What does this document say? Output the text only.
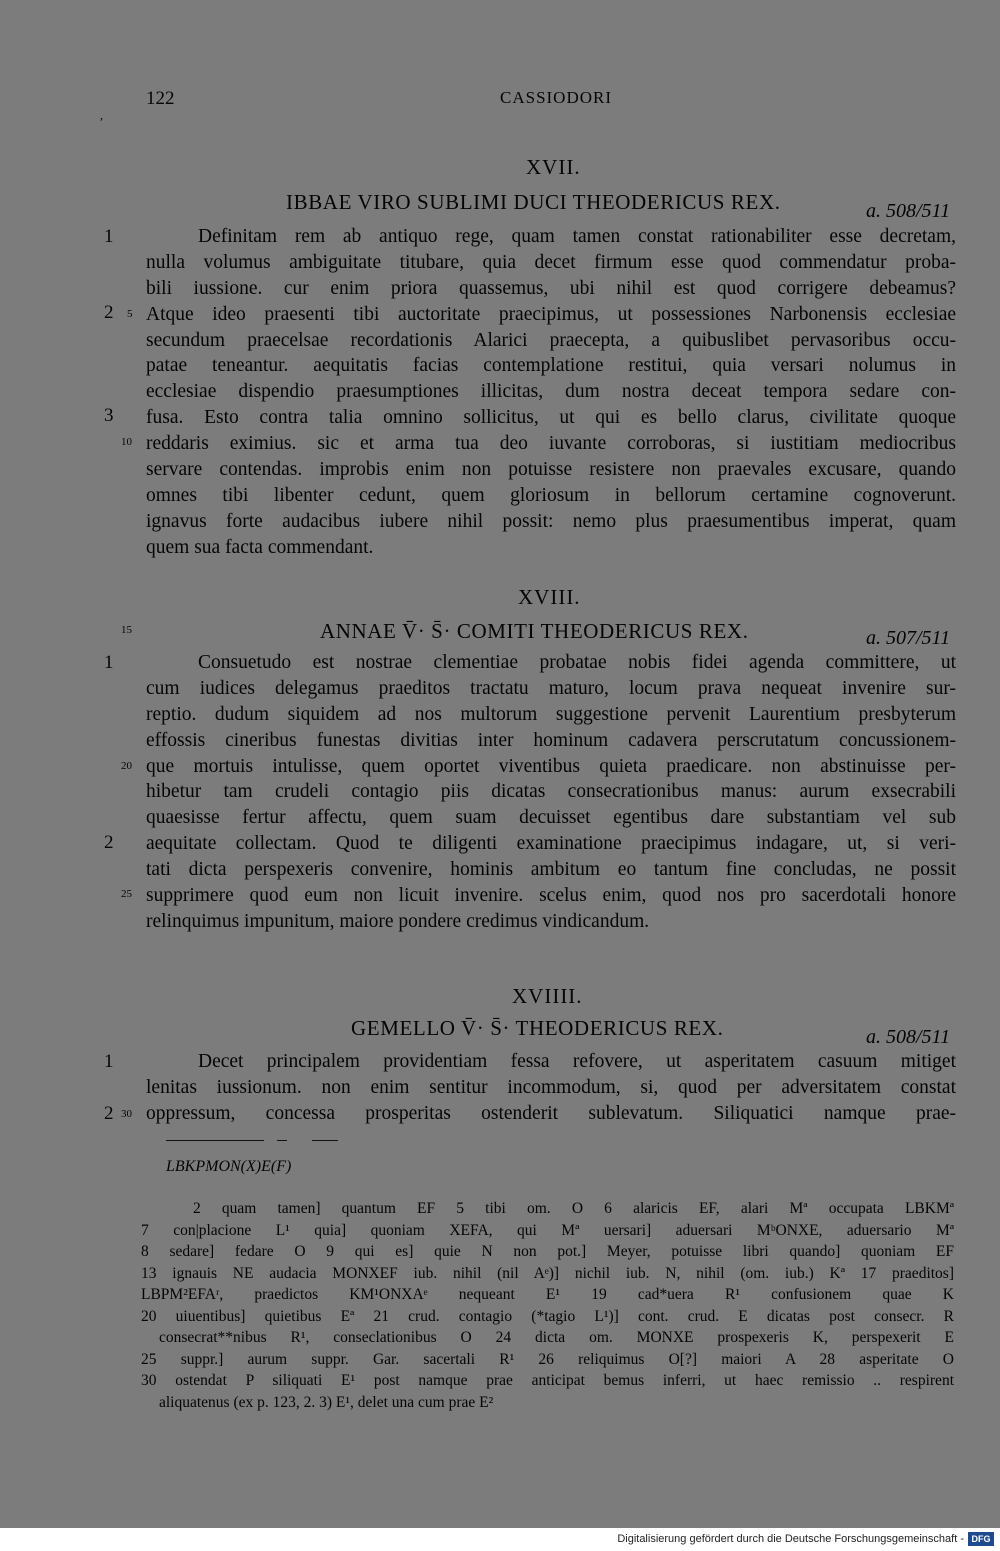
122	CASSIODORI
,
XVII.
IBBAE VIRO SUBLIMI DUCI THEODERICUS REX.	a. 508/511
Definitam rem ab antiquo rege, quam tamen constat rationabiliter esse decretam,
nulla volumus ambiguitate titubare, quia decet firmum esse quod commendatur proba-
bili iussione. cur enim priora quassemus, ubi nihil est quod corrigere debeamus?
Atque ideo praesenti tibi auctoritate praecipimus, ut possessiones Narbonensis ecclesiae
secundum praecelsae recordationis Alarici praecepta, a quibuslibet pervasoribus occu-
patae teneantur. aequitatis facias contemplatione restitui, quia versari nolumus in
ecclesiae dispendio praesumptiones illicitas, dum nostra deceat tempora sedare con-
fusa. Esto contra talia omnino sollicitus, ut qui es bello clarus, civilitate quoque
reddaris eximius. sic et arma tua deo iuvante corroboras, si iustitiam mediocribus
servare contendas. improbis enim non potuisse resistere non praevales excusare, quando
omnes tibi libenter cedunt, quem gloriosum in bellorum certamine cognoverunt.
ignavus forte audacibus iubere nihil possit: nemo plus praesumentibus imperat, quam
quem sua facta commendant.
XVIII.
ANNAE V̄· S̄· COMITI THEODERICUS REX.	a. 507/511
Consuetudo est nostrae clementiae probatae nobis fidei agenda committere, ut
cum iudices delegamus praeditos tractatu maturo, locum prava nequeat invenire sur-
reptio. dudum siquidem ad nos multorum suggestione pervenit Laurentium presbyterum
effossis cineribus funestas divitias inter hominum cadavera perscrutatum concussionem-
que mortuis intulisse, quem oportet viventibus quieta praedicare. non abstinuisse per-
hibetur tam crudeli contagio piis dicatas consecrationibus manus: aurum exsecrabili
quaesisse fertur affectu, quem suam decuisset egentibus dare substantiam vel sub
aequitate collectam. Quod te diligenti examinatione praecipimus indagare, ut, si veri-
tati dicta perspexeris convenire, hominis ambitum eo tantum fine concludas, ne possit
supprimere quod eum non licuit invenire. scelus enim, quod nos pro sacerdotali honore
relinquimus impunitum, maiore pondere credimus vindicandum.
XVIIII.
GEMELLO V̄· S̄· THEODERICUS REX.	a. 508/511
Decet principalem providentiam fessa refovere, ut asperitatem casuum mitiget
lenitas iussionum. non enim sentitur incommodum, si, quod per adversitatem constat
oppressum, concessa prosperitas ostenderit sublevatum. Siliquatici namque prae-
1
2
3
1
2
1
2
5
10
15
20
25
30
LBKPMON(X)E(F)
2 quam tamen] quantum EF 5 tibi om. O 6 alaricis EF, alari Mª occupata LBKMª
7 con|placione L¹ quia] quoniam XEFA, qui Mª uersari] aduersari MᵇONXE, aduersario Mª
8 sedare] fedare O 9 qui es] quie N non pot.] Meyer, potuisse libri quando] quoniam EF
13 ignauis NE audacia MONXEF iub. nihil (nil Aᵉ)] nichil iub. N, nihil (om. iub.) Kª 17 praeditos]
LBPM²EFAʳ, praedictos KM¹ONXAᵉ nequeant E¹ 19 cad*uera R¹ confusionem quae K
20 uiuentibus] quietibus Eª 21 crud. contagio (*tagio L¹)] cont. crud. E dicatas post consecr. R
consecrat**nibus R¹, conseclationibus O 24 dicta om. MONXE prospexeris K, perspexerit E
25 suppr.] aurum suppr. Gar. sacertali R¹ 26 reliquimus O[?] maiori A 28 asperitate O
30 ostendat P siliquati E¹ post namque prae anticipat bemus inferri, ut haec remissio .. respirent
aliquatenus (ex p. 123, 2. 3) E¹, delet una cum prae E²
Digitalisierung gefördert durch die Deutsche Forschungsgemeinschaft - DFG
